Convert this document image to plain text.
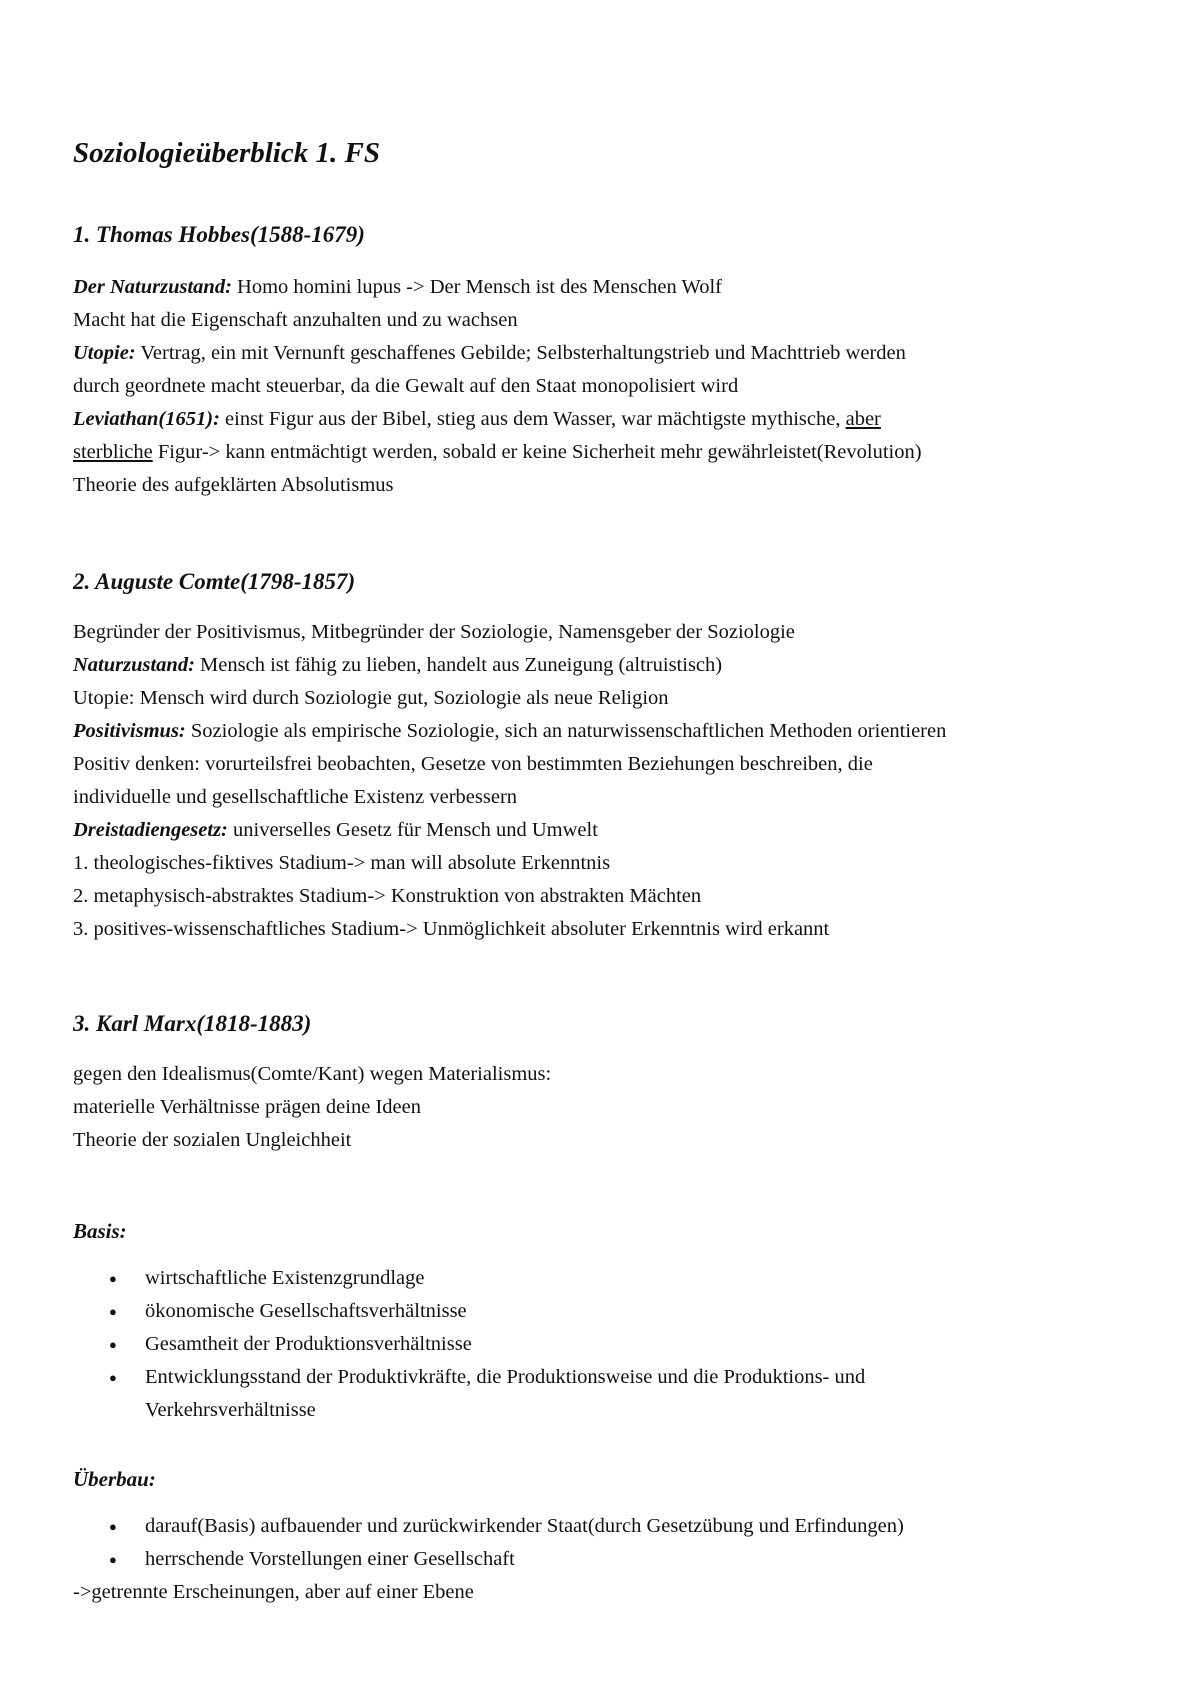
Soziologieüberblick 1. FS
1. Thomas Hobbes(1588-1679)

Der Naturzustand: Homo homini lupus -> Der Mensch ist des Menschen Wolf

Macht hat die Eigenschaft anzuhalten und zu wachsen

Utopie: Vertrag, ein mit Vernunft geschaffenes Gebilde; Selbsterhaltungstrieb und Machttrieb werden

durch geordnete macht steuerbar, da die Gewalt auf den Staat monopolisiert wird

Leviathan(1651): einst Figur aus der Bibel, stieg aus dem Wasser, war mächtigste mythische, aber

sterbliche Figur-> kann entmächtigt werden, sobald er keine Sicherheit mehr gewährleistet(Revolution)

Theorie des aufgeklärten Absolutismus

2. Auguste Comte(1798-1857)

Begründer der Positivismus, Mitbegründer der Soziologie, Namensgeber der Soziologie

Naturzustand: Mensch ist fähig zu lieben, handelt aus Zuneigung (altruistisch)

Utopie: Mensch wird durch Soziologie gut, Soziologie als neue Religion

Positivismus: Soziologie als empirische Soziologie, sich an naturwissenschaftlichen Methoden orientieren

Positiv denken: vorurteilsfrei beobachten, Gesetze von bestimmten Beziehungen beschreiben, die

individuelle und gesellschaftliche Existenz verbessern

Dreistadiengesetz: universelles Gesetz für Mensch und Umwelt

1. theologisches-fiktives Stadium-> man will absolute Erkenntnis

2. metaphysisch-abstraktes Stadium-> Konstruktion von abstrakten Mächten

3. positives-wissenschaftliches Stadium-> Unmöglichkeit absoluter Erkenntnis wird erkannt

3. Karl Marx(1818-1883)

gegen den Idealismus(Comte/Kant) wegen Materialismus:

materielle Verhältnisse prägen deine Ideen

Theorie der sozialen Ungleichheit

Basis:
● wirtschaftliche Existenzgrundlage
● ökonomische Gesellschaftsverhältnisse
● Gesamtheit der Produktionsverhältnisse
● Entwicklungsstand der Produktivkräfte, die Produktionsweise und die Produktions- und
Verkehrsverhältnisse
Überbau:
● darauf(Basis) aufbauender und zurückwirkender Staat(durch Gesetzübung und Erfindungen)
● herrschende Vorstellungen einer Gesellschaft

->getrennte Erscheinungen, aber auf einer Ebene
